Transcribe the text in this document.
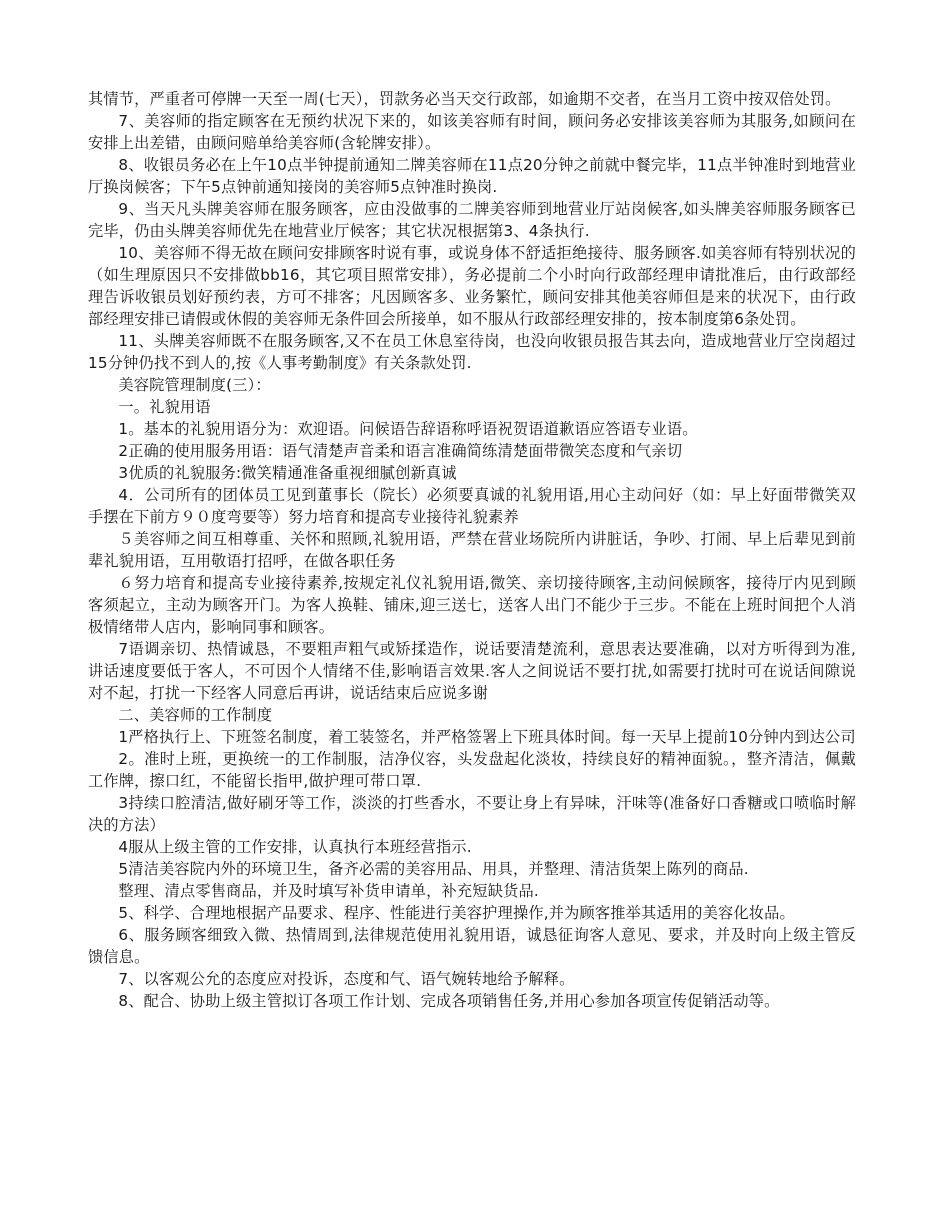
其情节，严重者可停牌一天至一周(七天），罚款务必当天交行政部，如逾期不交者，在当月工资中按双倍处罚。

7、美容师的指定顾客在无预约状况下来的，如该美容师有时间，顾问务必安排该美容师为其服务,如顾问在安排上出差错，由顾问赔单给美容师(含轮牌安排）。

8、收银员务必在上午10点半钟提前通知二牌美容师在11点20分钟之前就中餐完毕，11点半钟准时到地营业厅换岗候客；下午5点钟前通知接岗的美容师5点钟准时换岗.

9、当天凡头牌美容师在服务顾客，应由没做事的二牌美容师到地营业厅站岗候客,如头牌美容师服务顾客已完毕，仍由头牌美容师优先在地营业厅候客；其它状况根据第3、4条执行.

10、美容师不得无故在顾问安排顾客时说有事，或说身体不舒适拒绝接待、服务顾客.如美容师有特别状况的（如生理原因只不安排做bb16，其它项目照常安排），务必提前二个小时向行政部经理申请批准后，由行政部经理告诉收银员划好预约表，方可不排客；凡因顾客多、业务繁忙，顾问安排其他美容师但是来的状况下，由行政部经理安排已请假或休假的美容师无条件回会所接单，如不服从行政部经理安排的，按本制度第6条处罚。

11、头牌美容师既不在服务顾客,又不在员工休息室待岗，也没向收银员报告其去向，造成地营业厅空岗超过15分钟仍找不到人的,按《人事考勤制度》有关条款处罚.

美容院管理制度(三）：

一。礼貌用语

1。基本的礼貌用语分为：欢迎语。问候语告辞语称呼语祝贺语道歉语应答语专业语。

2正确的使用服务用语：语气清楚声音柔和语言准确简练清楚面带微笑态度和气亲切

3优质的礼貌服务:微笑精通准备重视细腻创新真诚

4．公司所有的团体员工见到董事长（院长）必须要真诚的礼貌用语,用心主动问好（如：早上好面带微笑双手摆在下前方９０度弯要等）努力培育和提高专业接待礼貌素养

５美容师之间互相尊重、关怀和照顾,礼貌用语，严禁在营业场院所内讲脏话，争吵、打闹、早上后辈见到前辈礼貌用语，互用敬语打招呼，在做各职任务

６努力培育和提高专业接待素养,按规定礼仪礼貌用语,微笑、亲切接待顾客,主动问候顾客，接待厅内见到顾客须起立，主动为顾客开门。为客人换鞋、铺床,迎三送七，送客人出门不能少于三步。不能在上班时间把个人消极情绪带人店内，影响同事和顾客。

7语调亲切、热情诚恳，不要粗声粗气或矫揉造作，说话要清楚流利，意思表达要准确，以对方听得到为准,讲话速度要低于客人，不可因个人情绪不佳,影响语言效果.客人之间说话不要打扰,如需要打扰时可在说话间隙说对不起，打扰一下经客人同意后再讲，说话结束后应说多谢

二、美容师的工作制度

1严格执行上、下班签名制度，着工装签名，并严格签署上下班具体时间。每一天早上提前10分钟内到达公司

2。准时上班，更换统一的工作制服，洁净仪容，头发盘起化淡妆，持续良好的精神面貌。，整齐清洁，佩戴工作牌，擦口红，不能留长指甲,做护理可带口罩.

3持续口腔清洁,做好刷牙等工作，淡淡的打些香水，不要让身上有异味，汗味等(准备好口香糖或口喷临时解决的方法）

4服从上级主管的工作安排，认真执行本班经营指示.

5清洁美容院内外的环境卫生，备齐必需的美容用品、用具，并整理、清洁货架上陈列的商品.

整理、清点零售商品，并及时填写补货申请单，补充短缺货品.

5、科学、合理地根据产品要求、程序、性能进行美容护理操作,并为顾客推举其适用的美容化妆品。

6、服务顾客细致入微、热情周到,法律规范使用礼貌用语，诚恳征询客人意见、要求，并及时向上级主管反馈信息。

7、以客观公允的态度应对投诉，态度和气、语气婉转地给予解释。

8、配合、协助上级主管拟订各项工作计划、完成各项销售任务,并用心参加各项宣传促销活动等。
